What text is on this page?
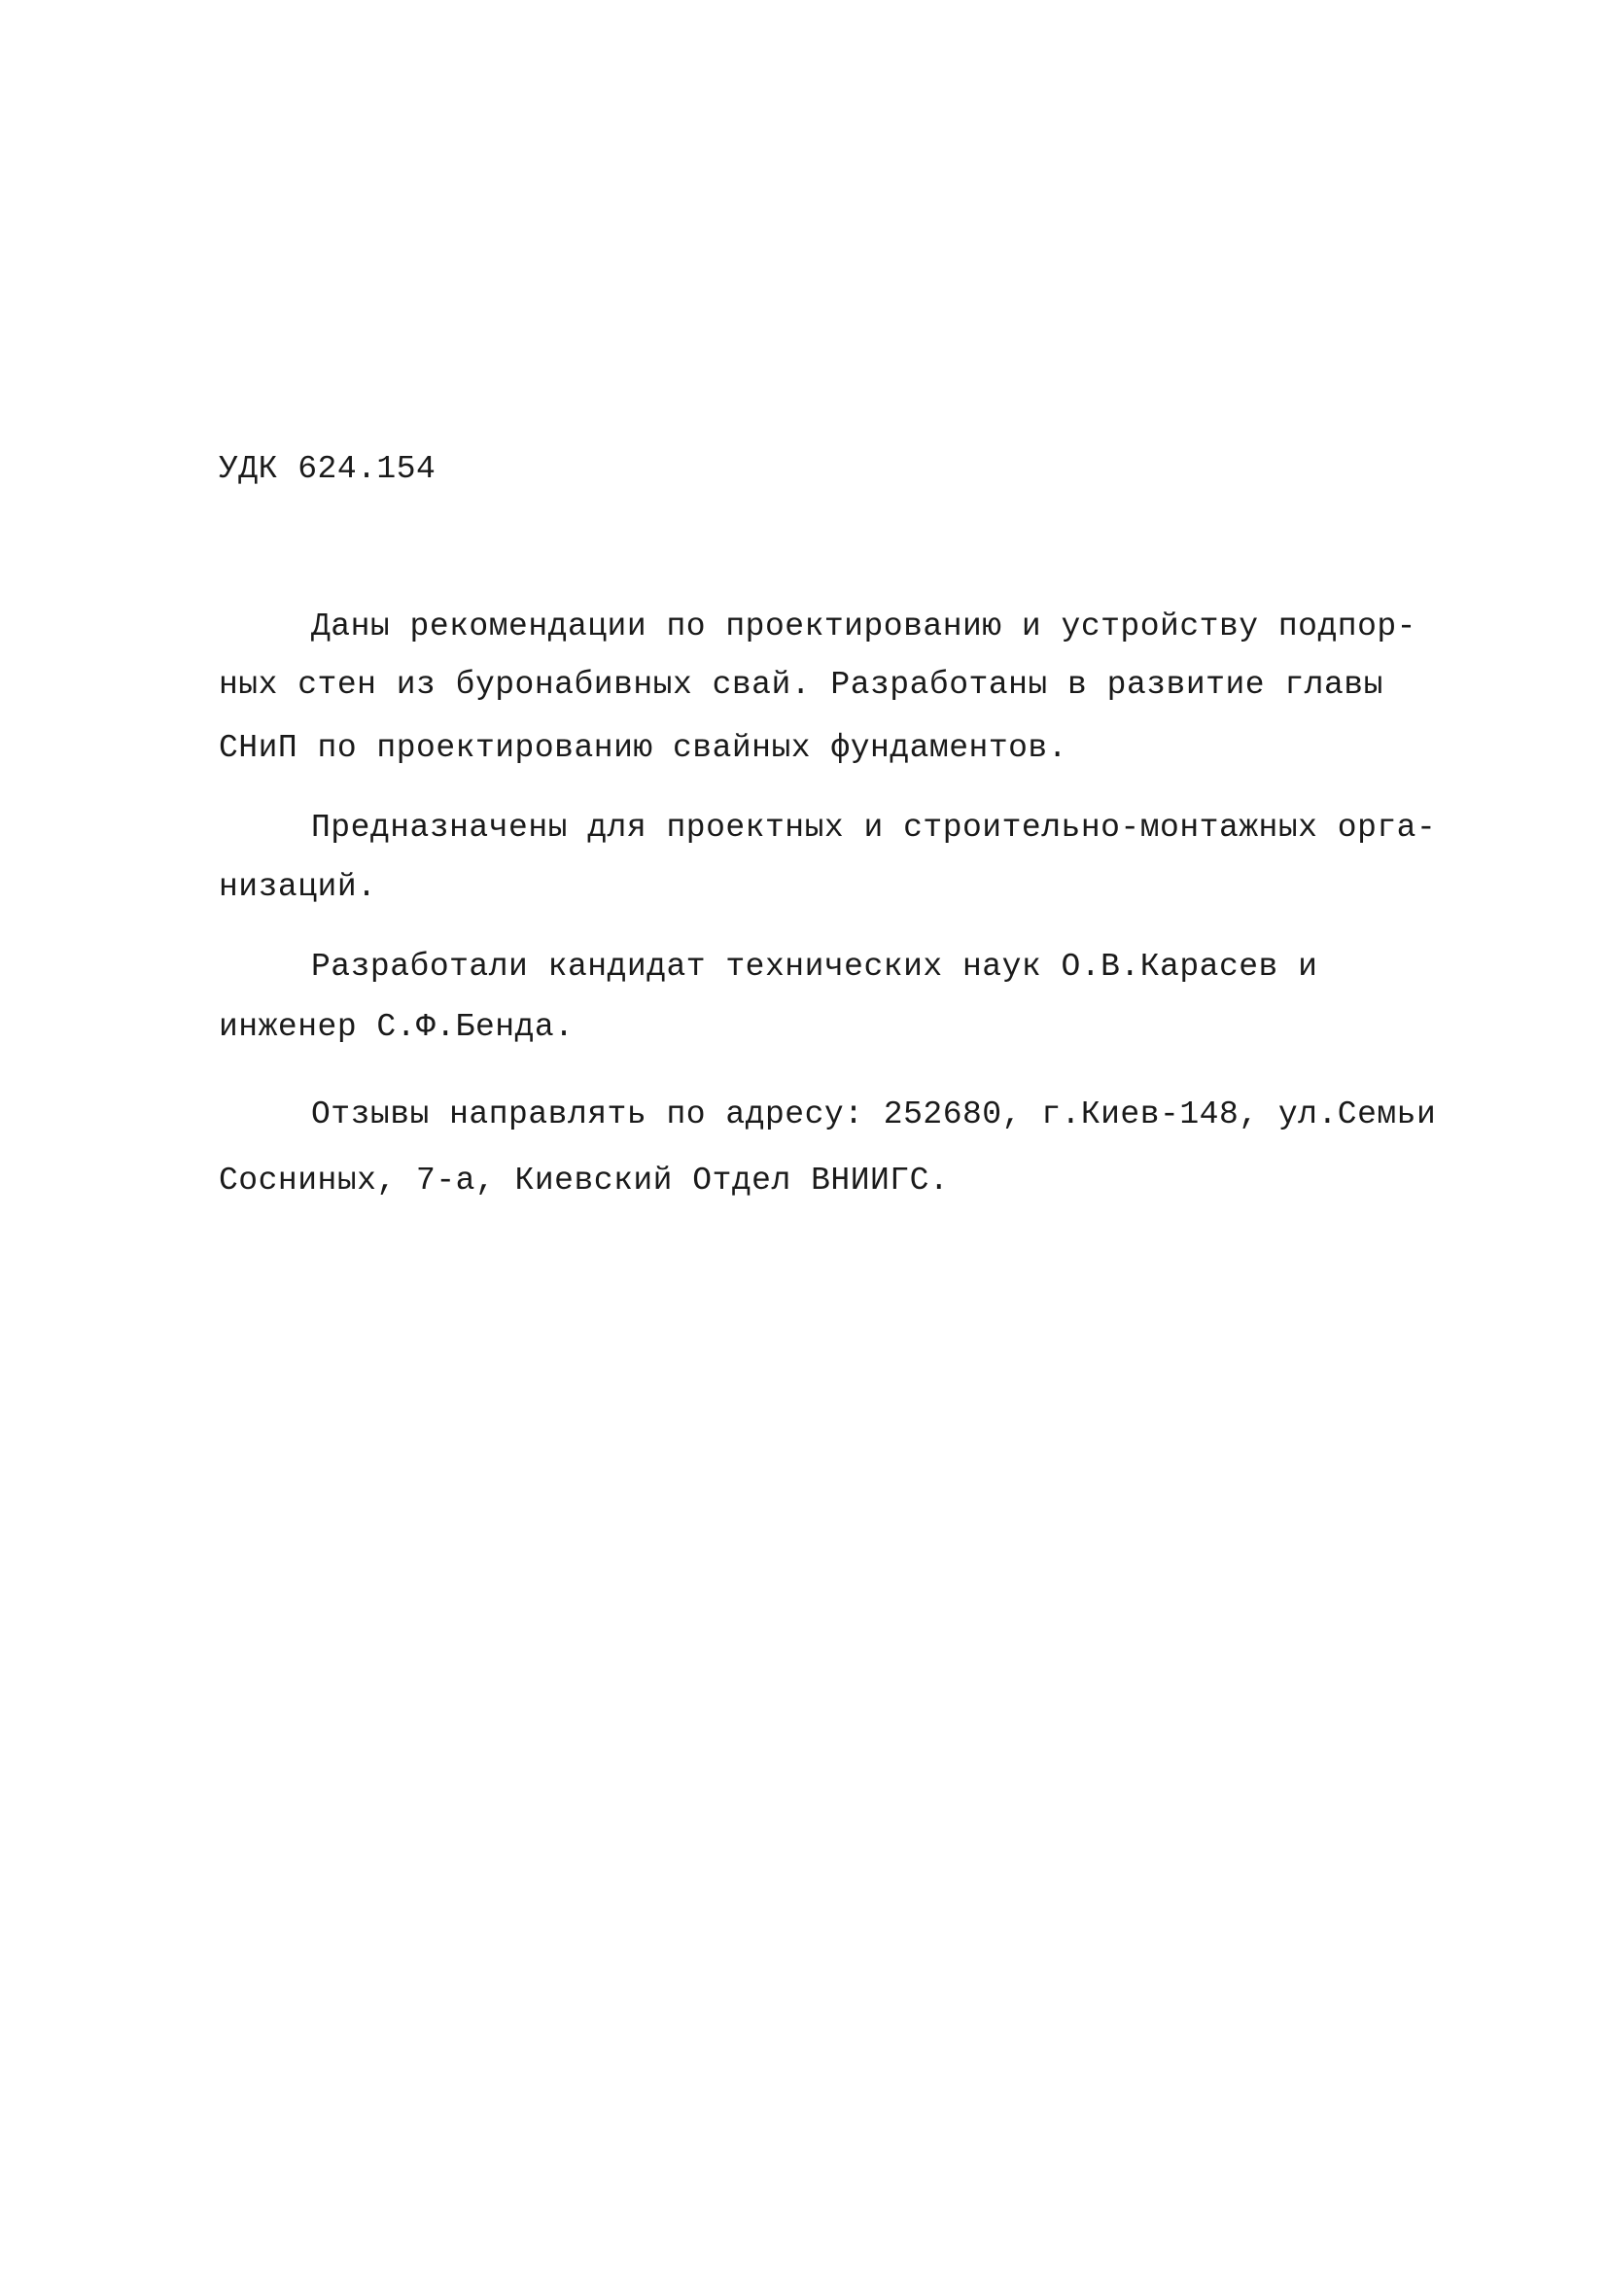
УДК 624.154
Даны рекомендации по проектированию и устройству подпор-
ных стен из буронабивных свай. Разработаны в развитие главы
СНиП по проектированию свайных фундаментов.
Предназначены для проектных и строительно-монтажных орга-
низаций.
Разработали кандидат технических наук О.В.Карасев и
инженер С.Ф.Бенда.
Отзывы направлять по адресу: 252680, г.Киев-148, ул.Семьи
Сосниных, 7-а, Киевский Отдел ВНИИГС.
